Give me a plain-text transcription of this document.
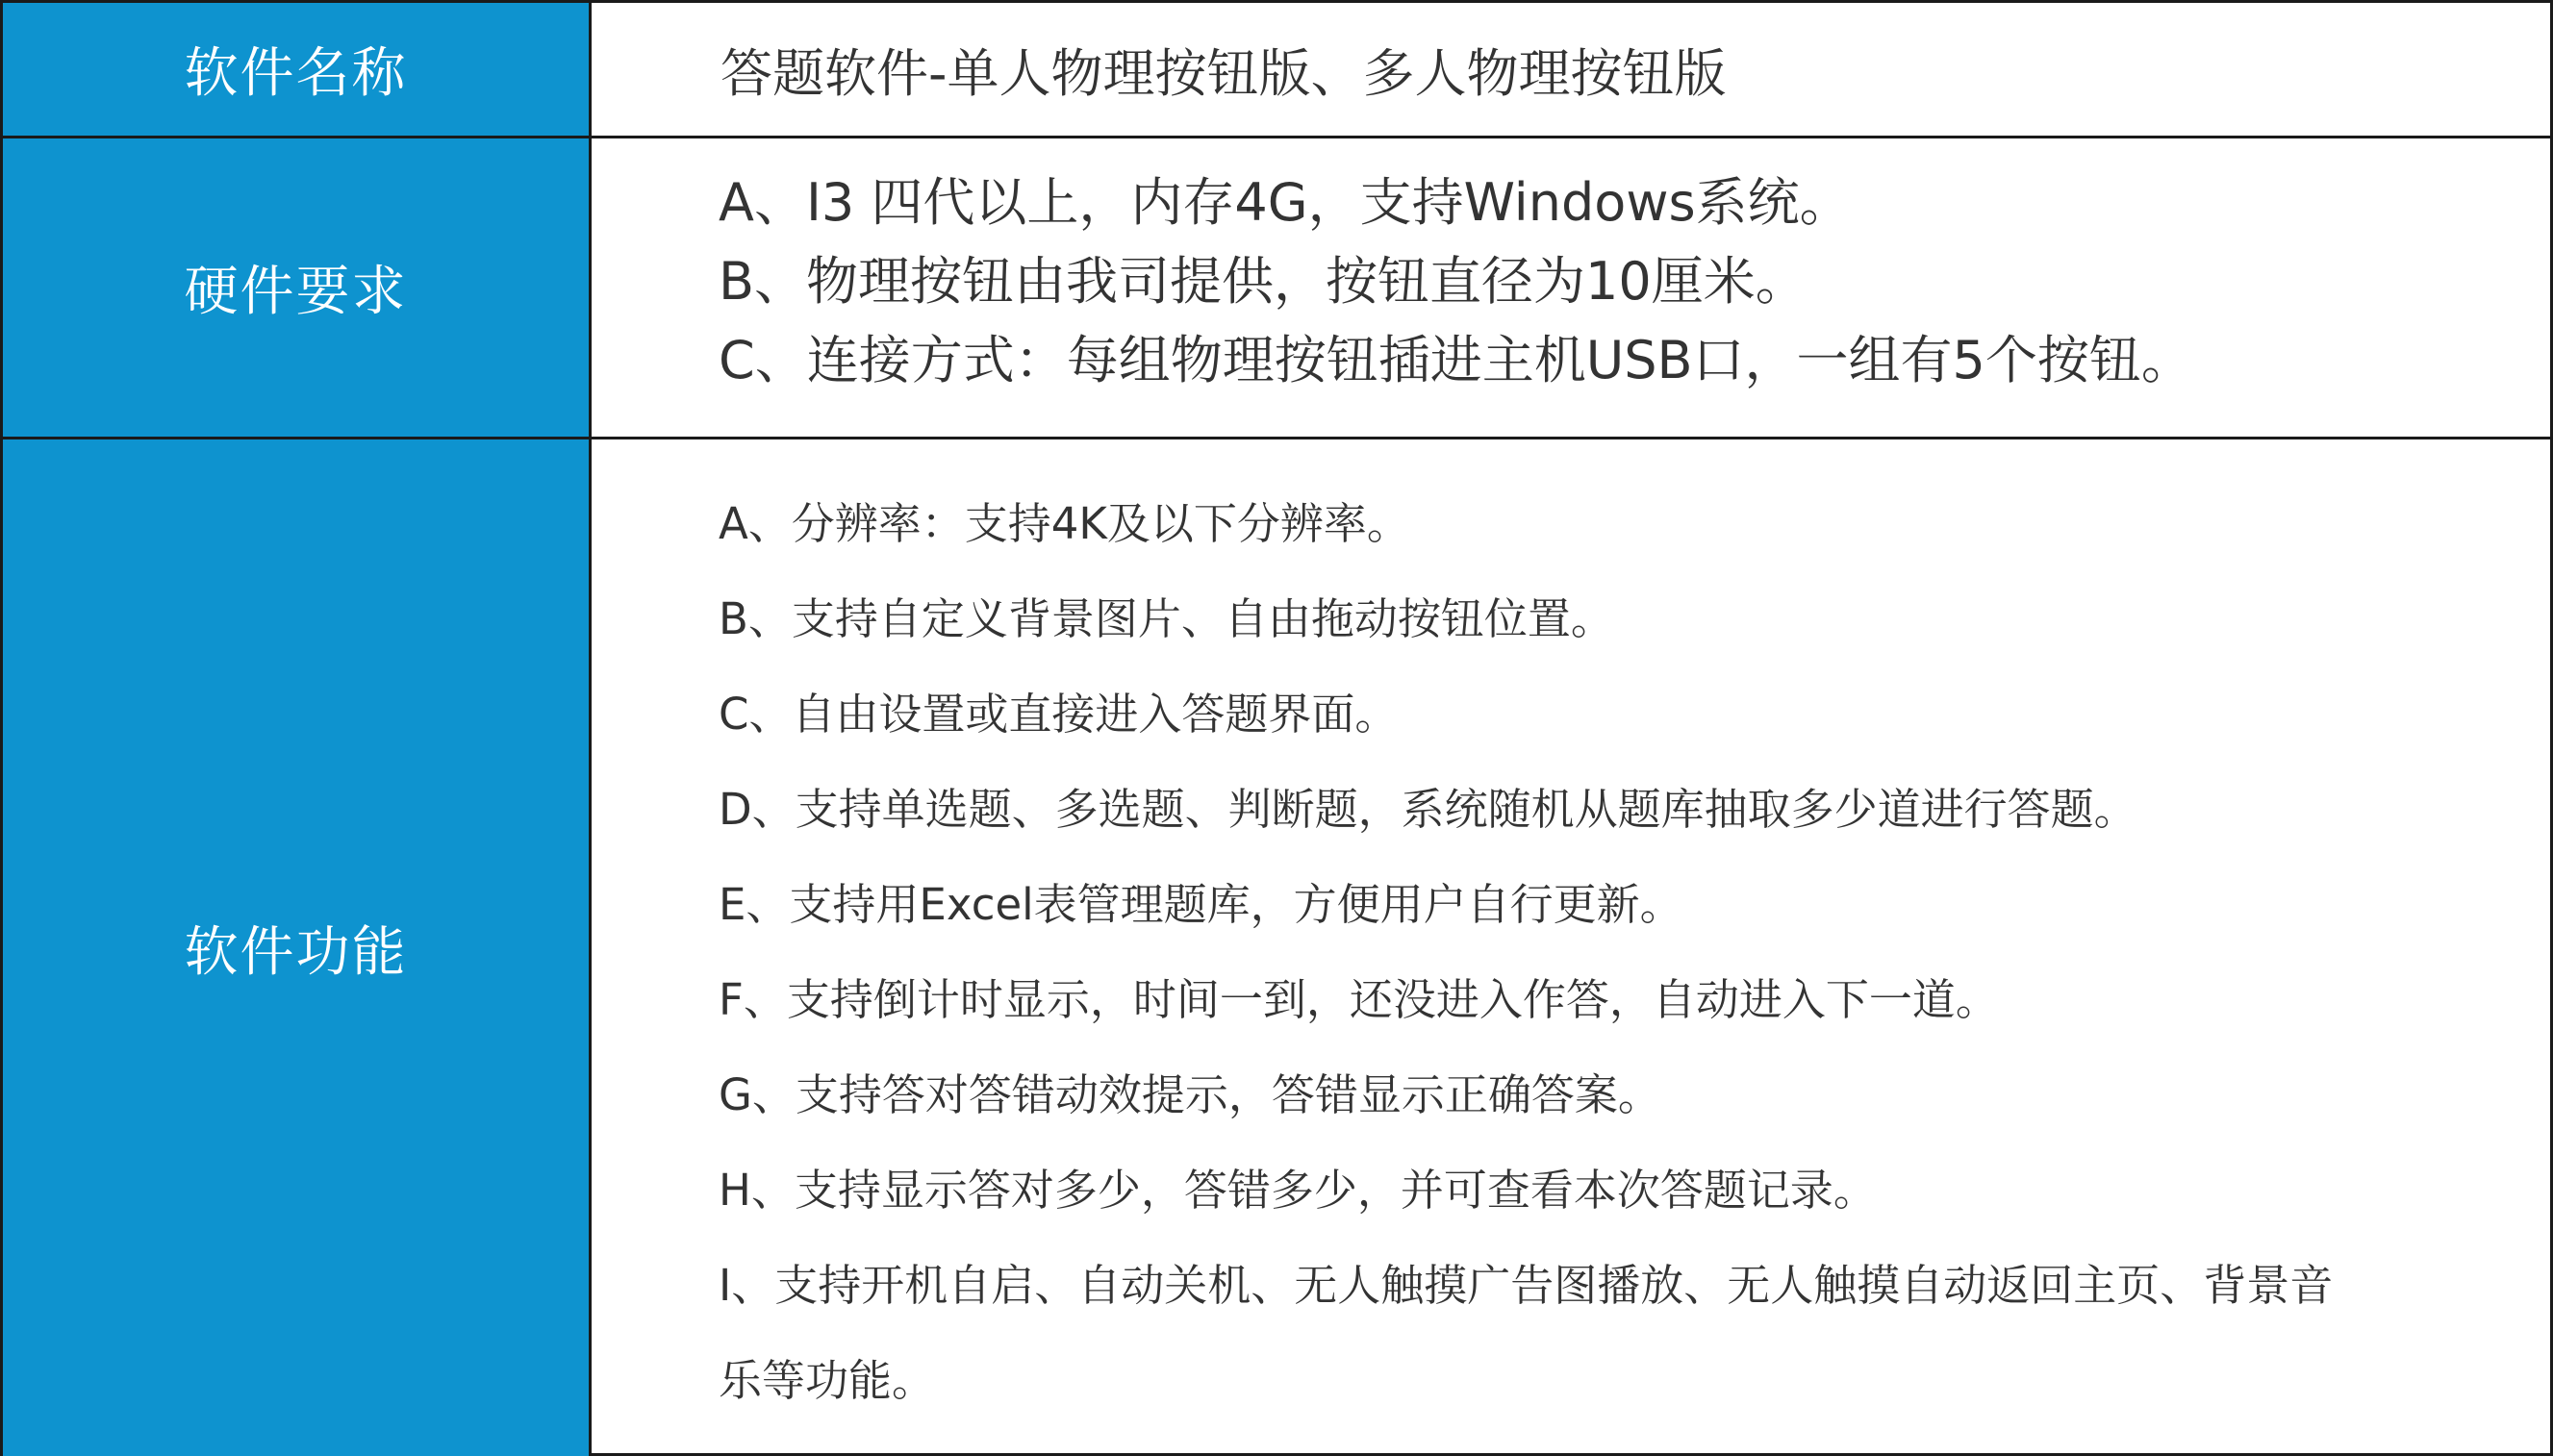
软件名称	答题软件-单人物理按钮版、多人物理按钮版
硬件要求
A、I3 四代以上，内存4G，支持Windows系统。
B、物理按钮由我司提供，按钮直径为10厘米。
C、连接方式：每组物理按钮插进主机USB口，一组有5个按钮。
软件功能
A、分辨率：支持4K及以下分辨率。
B、支持自定义背景图片、自由拖动按钮位置。
C、自由设置或直接进入答题界面。
D、支持单选题、多选题、判断题，系统随机从题库抽取多少道进行答题。
E、支持用Excel表管理题库，方便用户自行更新。
F、支持倒计时显示，时间一到，还没进入作答，自动进入下一道。
G、支持答对答错动效提示，答错显示正确答案。
H、支持显示答对多少，答错多少，并可查看本次答题记录。
I、支持开机自启、自动关机、无人触摸广告图播放、无人触摸自动返回主页、背景音
乐等功能。
